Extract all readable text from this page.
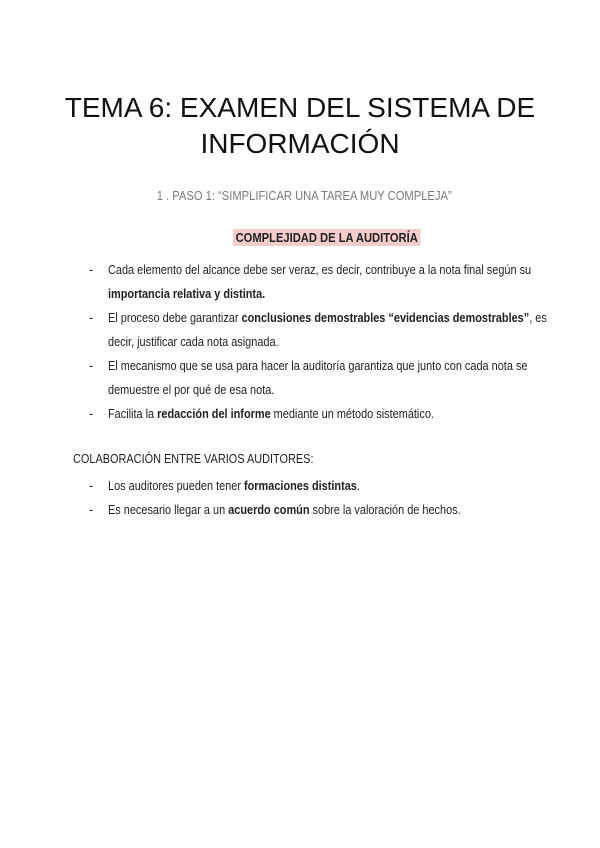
TEMA 6: EXAMEN DEL SISTEMA DE
INFORMACIÓN
1 . PASO 1: “SIMPLIFICAR UNA TAREA MUY COMPLEJA”
COMPLEJIDAD DE LA AUDITORÍA
- Cada elemento del alcance debe ser veraz, es decir, contribuye a la nota final según su
importancia relativa y distinta.
- El proceso debe garantizar conclusiones demostrables “evidencias demostrables”, es
decir, justificar cada nota asignada.
- El mecanismo que se usa para hacer la auditoría garantiza que junto con cada nota se
demuestre el por qué de esa nota.
- Facilita la redacción del informe mediante un método sistemático.
COLABORACIÓN ENTRE VARIOS AUDITORES:
- Los auditores pueden tener formaciones distintas.
- Es necesario llegar a un acuerdo común sobre la valoración de hechos.
